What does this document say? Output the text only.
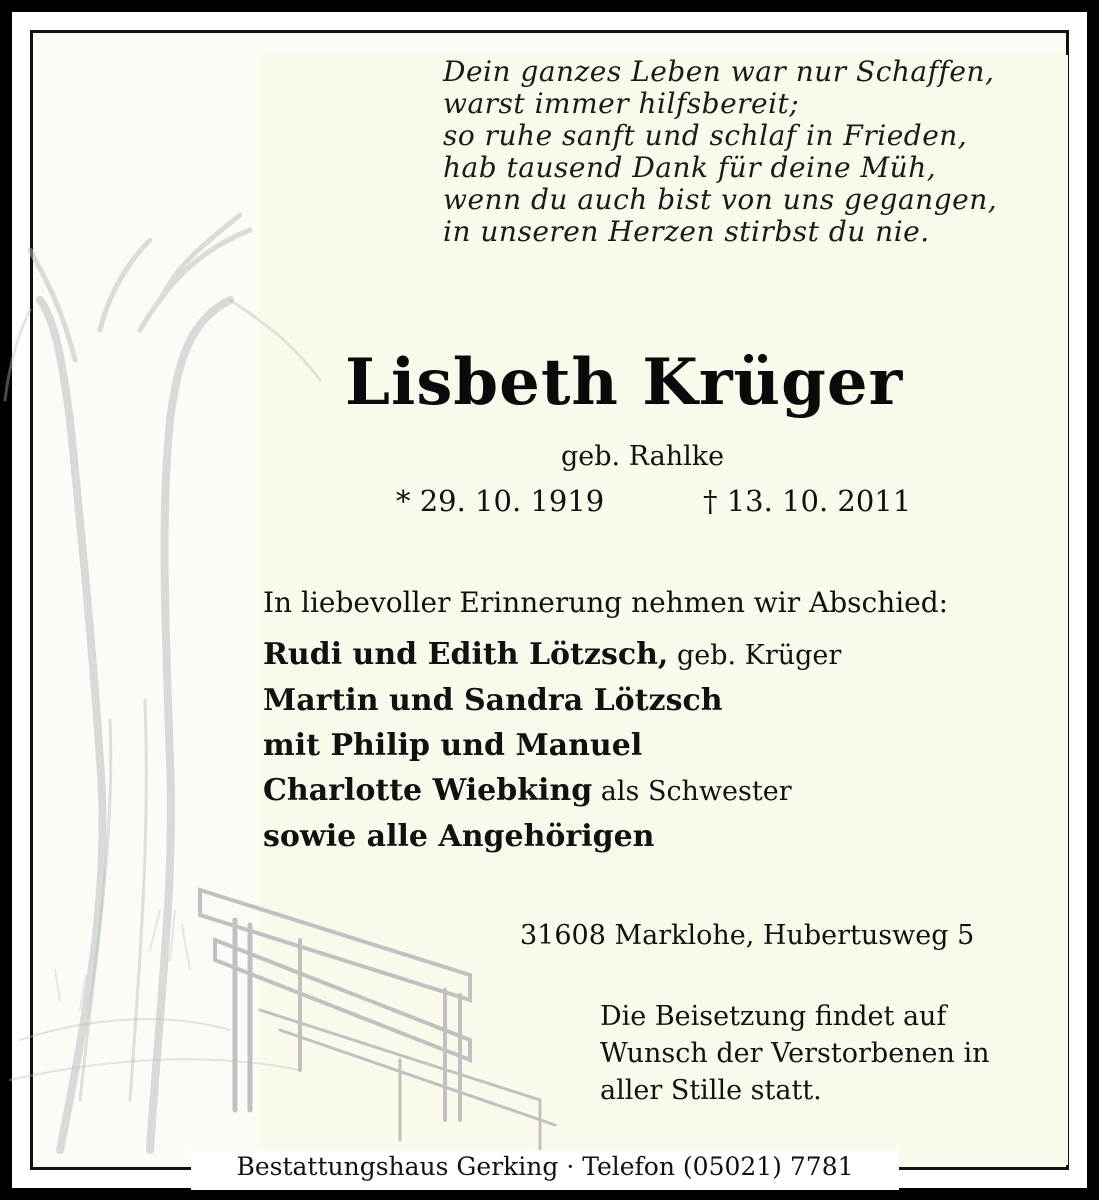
Dein ganzes Leben war nur Schaffen,
warst immer hilfsbereit;
so ruhe sanft und schlaf in Frieden,
hab tausend Dank für deine Müh,
wenn du auch bist von uns gegangen,
in unseren Herzen stirbst du nie.
Lisbeth Krüger
geb. Rahlke
* 29. 10. 1919	† 13. 10. 2011
In liebevoller Erinnerung nehmen wir Abschied:
Rudi und Edith Lötzsch, geb. Krüger
Martin und Sandra Lötzsch
mit Philip und Manuel
Charlotte Wiebking als Schwester
sowie alle Angehörigen
31608 Marklohe, Hubertusweg 5
Die Beisetzung findet auf Wunsch der Verstorbenen in aller Stille statt.
Bestattungshaus Gerking · Telefon (05021) 7781
